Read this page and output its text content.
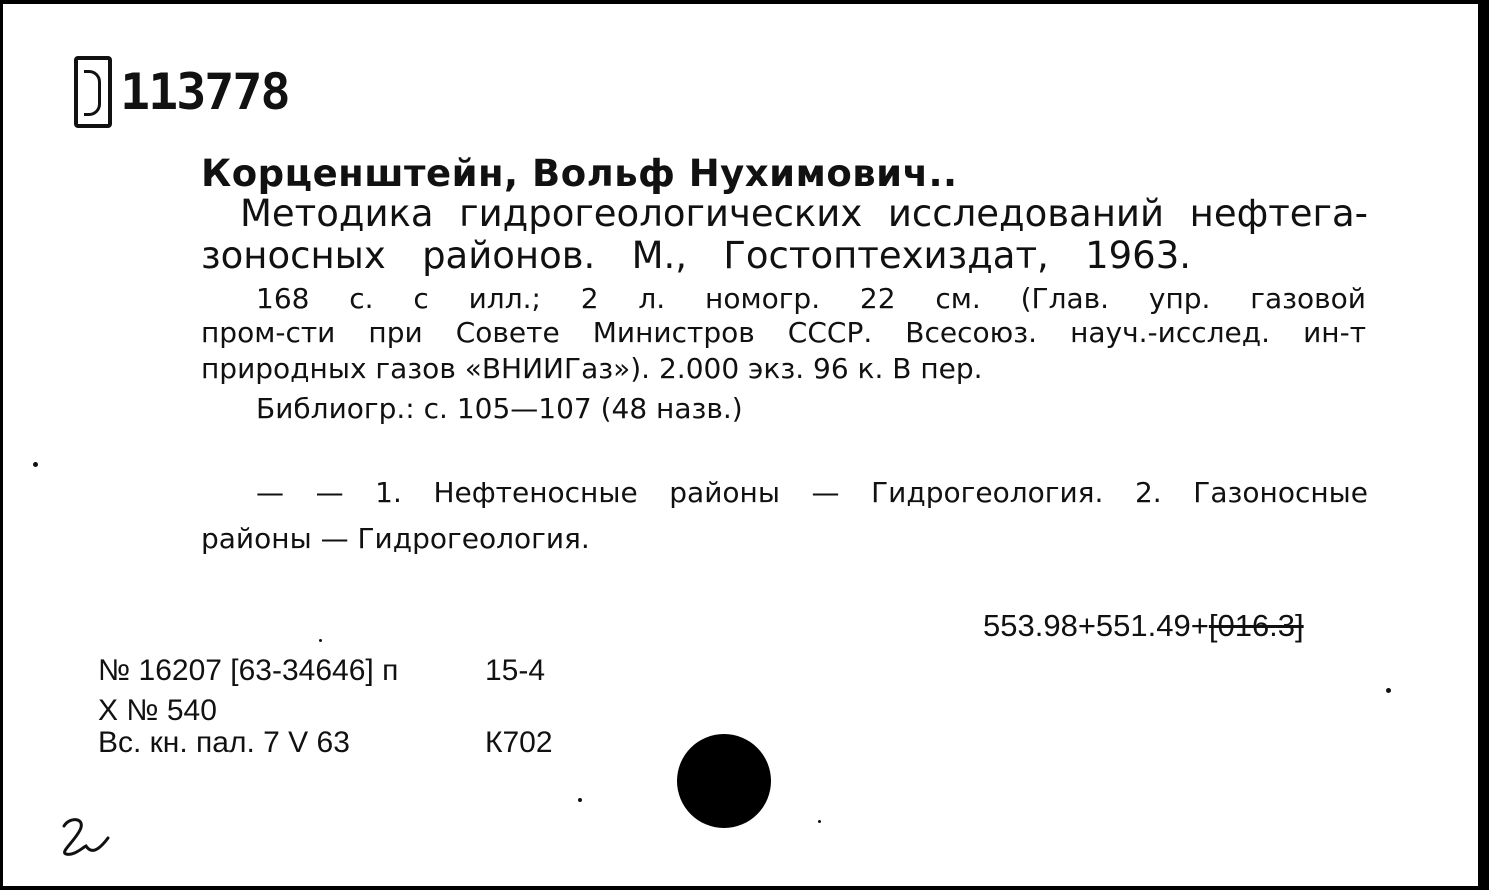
113778
Корценштейн, Вольф Нухимович..
Методика гидрогеологических исследований нефтега-
зоносных районов. М., Гостоптехиздат, 1963.
168 с. с илл.; 2 л. номогр. 22 см. (Глав. упр. газовой
пром-сти при Совете Министров СССР. Всесоюз. науч.-исслед. ин-т
природных газов «ВНИИГаз»). 2.000 экз. 96 к. В пер.
Библиогр.: с. 105—107 (48 назв.)
— — 1. Нефтеносные районы — Гидрогеология. 2. Газоносные
районы — Гидрогеология.
553.98+551.49+[016.3]
№ 16207 [63-34646] п
Х № 540
Вс. кн. пал. 7 V 63
15-4
К702
